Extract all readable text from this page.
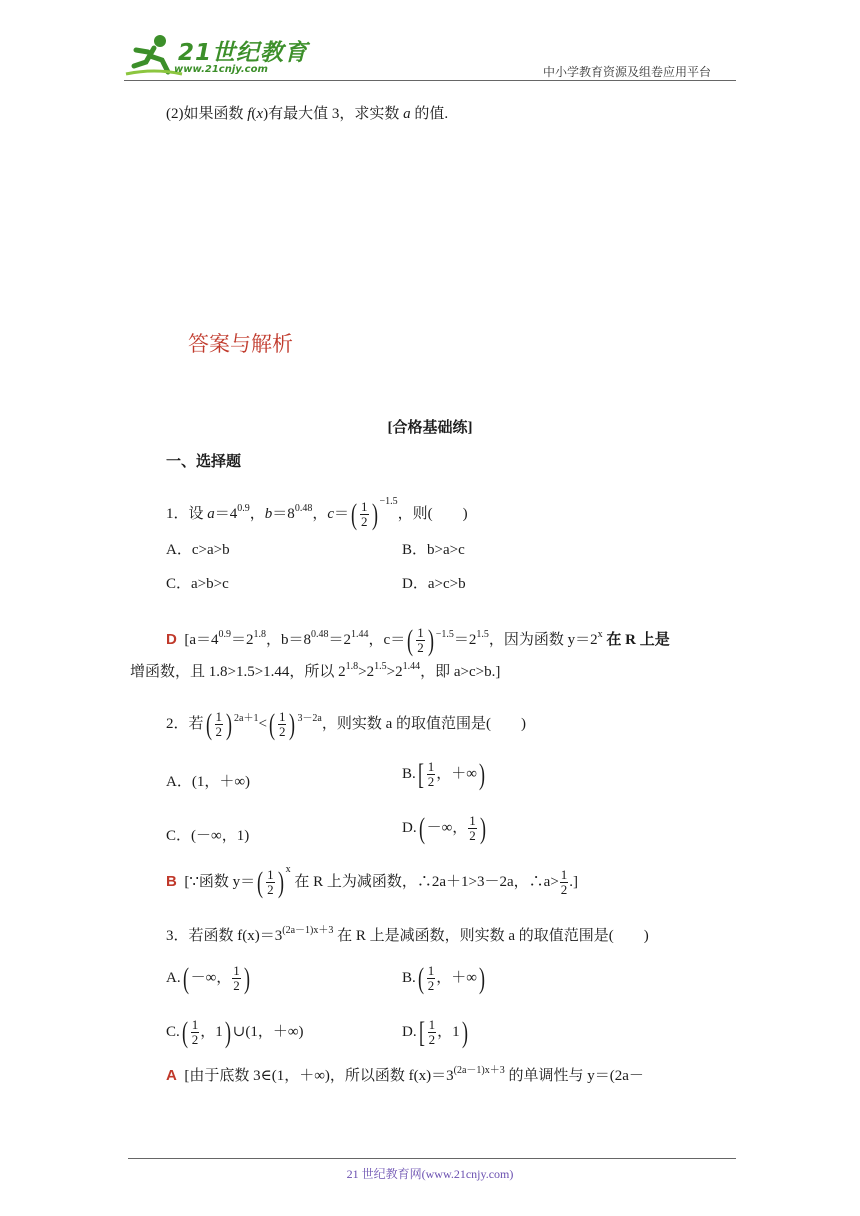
21世纪教育
www.21cnjy.com	中小学教育资源及组卷应用平台
(2)如果函数 f(x)有最大值 3，求实数 a 的值.
答案与解析
[合格基础练]
一、选择题
1．设 $a=4^{0.9}$，$b=8^{0.48}$，$c=( \frac{1}{2}$ ) $^{-1.5}$，则(　　)
A．c>a>b	B．b>a>c
C．a>b>c	D．a>c>b
D [$a=4^{0.9}=2^{1.8}$，$b=8^{0.48}=2^{1.44}$，$c=( \frac{1}{2}$ ) $^{-1.5}=2^{1.5}$，因为函数 $y=2^x$ 在 R 上是
增函数，且 1.8>1.5>1.44，所以 $2^{1.8}>2^{1.5}>2^{1.44}$，即 a>c>b.]
2．若( $\frac{1}{2}$ ) $^{2a+1}<( \frac{1}{2}$ ) $^{3-2a}$，则实数 a 的取值范围是(　　)
A．(1，＋∞)	$B.[ \frac{1}{2}$ ，＋∞)
C．(－∞，1)	D.( －∞， $\frac{1}{2}$ )
B [∵函数 $y=( \frac{1}{2}$ ) $^x$ 在 R 上为减函数，∴2a＋1>3－2a，∴a> $\frac{1}{2}$ .]
3．若函数 $f(x)=3^{(2a-1)x+3}$ 在 R 上是减函数，则实数 a 的取值范围是(　　)
A.( －∞， $\frac{1}{2}$ )	$B.( \frac{1}{2}$ ，＋∞)
$C.( \frac{1}{2}$ ，1) ∪(1，＋∞)	$D.[ \frac{1}{2}$ ，1)
A [由于底数 3∈(1，＋∞)，所以函数 $f(x)=3^{(2a-1)x+3}$ 的单调性与 y＝(2a－
21 世纪教育网(www.21cnjy.com)
